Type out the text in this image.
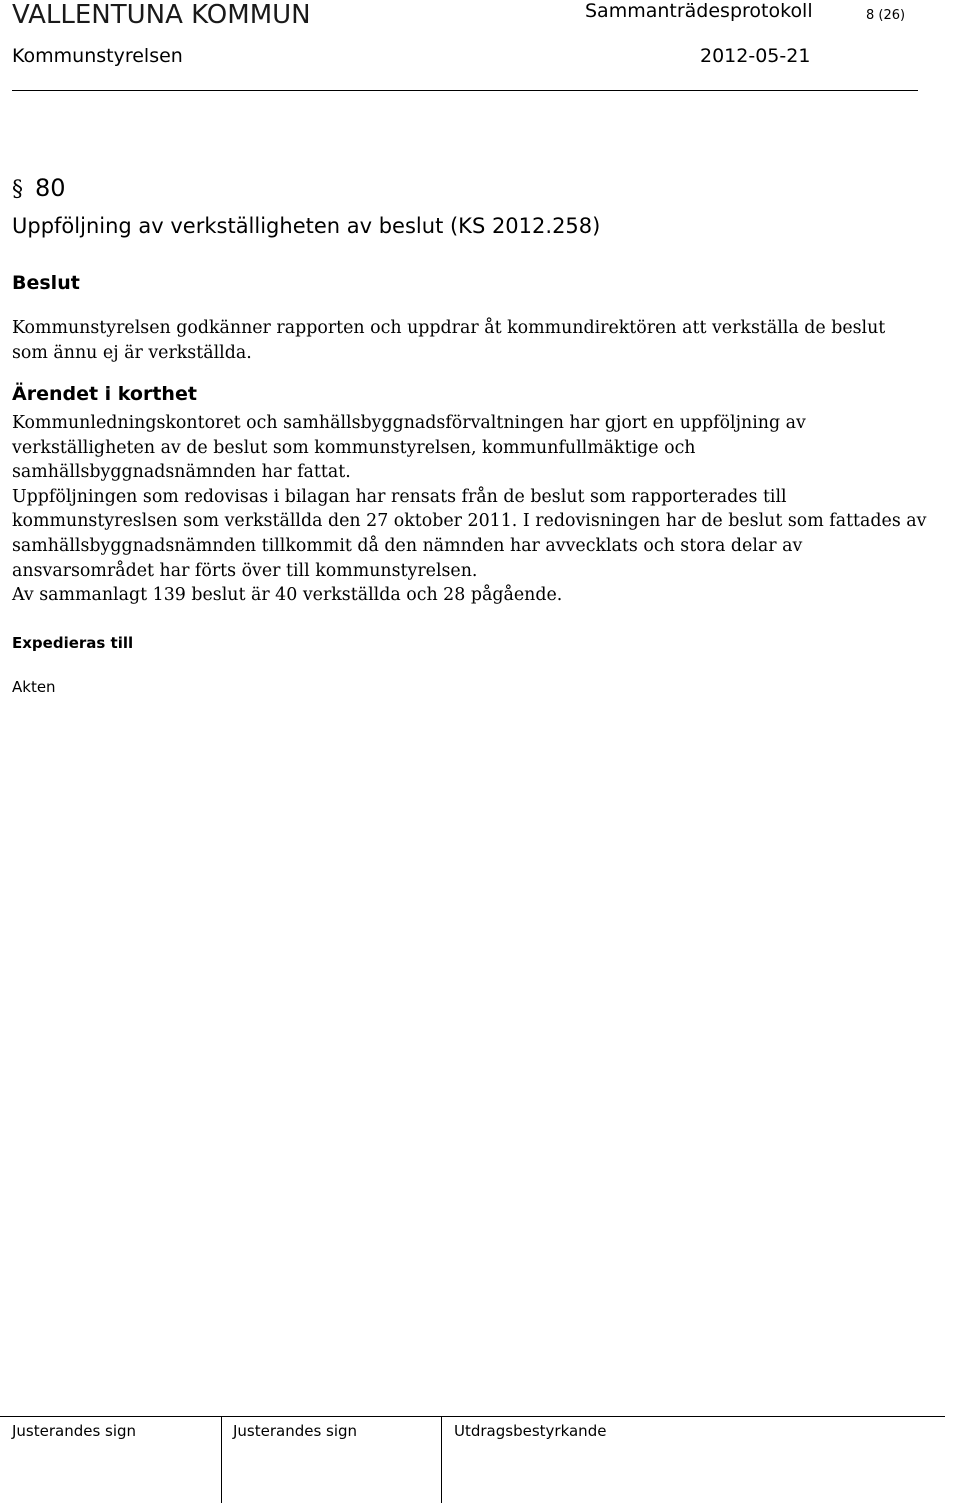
VALLENTUNA KOMMUN	Sammanträdesprotokoll	8 (26)
Kommunstyrelsen	2012-05-21
§ 80
Uppföljning av verkställigheten av beslut (KS 2012.258)
Beslut

Kommunstyrelsen godkänner rapporten och uppdrar åt kommundirektören att verkställa de beslut
som ännu ej är verkställda.

Ärendet i korthet

Kommunledningskontoret och samhällsbyggnadsförvaltningen har gjort en uppföljning av
verkställigheten av de beslut som kommunstyrelsen, kommunfullmäktige och
samhällsbyggnadsnämnden har fattat.
Uppföljningen som redovisas i bilagan har rensats från de beslut som rapporterades till
kommunstyreslsen som verkställda den 27 oktober 2011. I redovisningen har de beslut som fattades av
samhällsbyggnadsnämnden tillkommit då den nämnden har avvecklats och stora delar av
ansvarsområdet har förts över till kommunstyrelsen.
Av sammanlagt 139 beslut är 40 verkställda och 28 pågående.

Expedieras till
Akten
Justerandes sign	Justerandes sign	Utdragsbestyrkande
